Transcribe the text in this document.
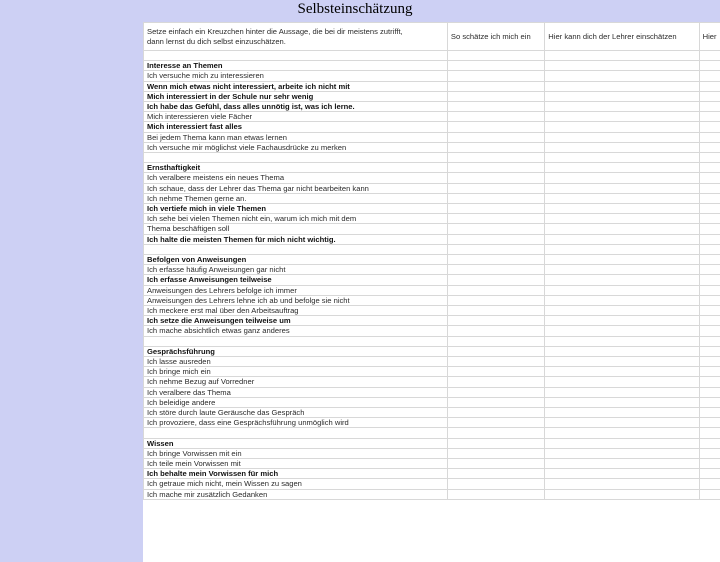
Selbsteinschätzung
Setze einfach ein Kreuzchen hinter die Aussage, die bei dir meistens zutrifft,
dann lernst du dich selbst einzuschätzen.	So schätze ich mich ein	Hier kann dich der Lehrer einschätzen	Hier

Interesse an Themen			
Ich versuche mich zu interessieren			
Wenn mich etwas nicht interessiert, arbeite ich nicht mit			
Mich interessiert in der Schule nur sehr wenig			
Ich habe das Gefühl, dass alles unnötig ist, was ich lerne.			
Mich interessieren viele Fächer			
Mich interessiert fast alles			
Bei jedem Thema kann man etwas lernen			
Ich versuche mir möglichst viele Fachausdrücke zu merken			

Ernsthaftigkeit			
Ich veralbere meistens ein neues Thema			
Ich schaue, dass der Lehrer das Thema gar nicht bearbeiten kann			
Ich nehme Themen gerne an.			
Ich vertiefe mich in viele Themen			
Ich sehe bei vielen Themen nicht ein, warum ich mich mit dem			
Thema beschäftigen soll			
Ich halte die meisten Themen für mich nicht wichtig.			

Befolgen von Anweisungen			
Ich erfasse häufig Anweisungen gar nicht			
Ich erfasse Anweisungen teilweise			
Anweisungen des Lehrers befolge ich immer			
Anweisungen des Lehrers lehne ich ab und befolge sie nicht			
Ich meckere erst mal über den Arbeitsauftrag			
Ich setze die Anweisungen teilweise um			
Ich mache absichtlich etwas ganz anderes			

Gesprächsführung			
Ich lasse ausreden			
Ich bringe mich ein			
Ich nehme Bezug auf Vorredner			
Ich veralbere das Thema			
Ich beleidige andere			
Ich störe durch laute Geräusche das Gespräch			
Ich provoziere, dass eine Gesprächsführung unmöglich wird			

Wissen			
Ich bringe Vorwissen mit ein			
Ich teile mein Vorwissen mit			
Ich behalte mein Vorwissen für mich			
Ich getraue mich nicht, mein Wissen zu sagen			
Ich mache mir zusätzlich Gedanken			
